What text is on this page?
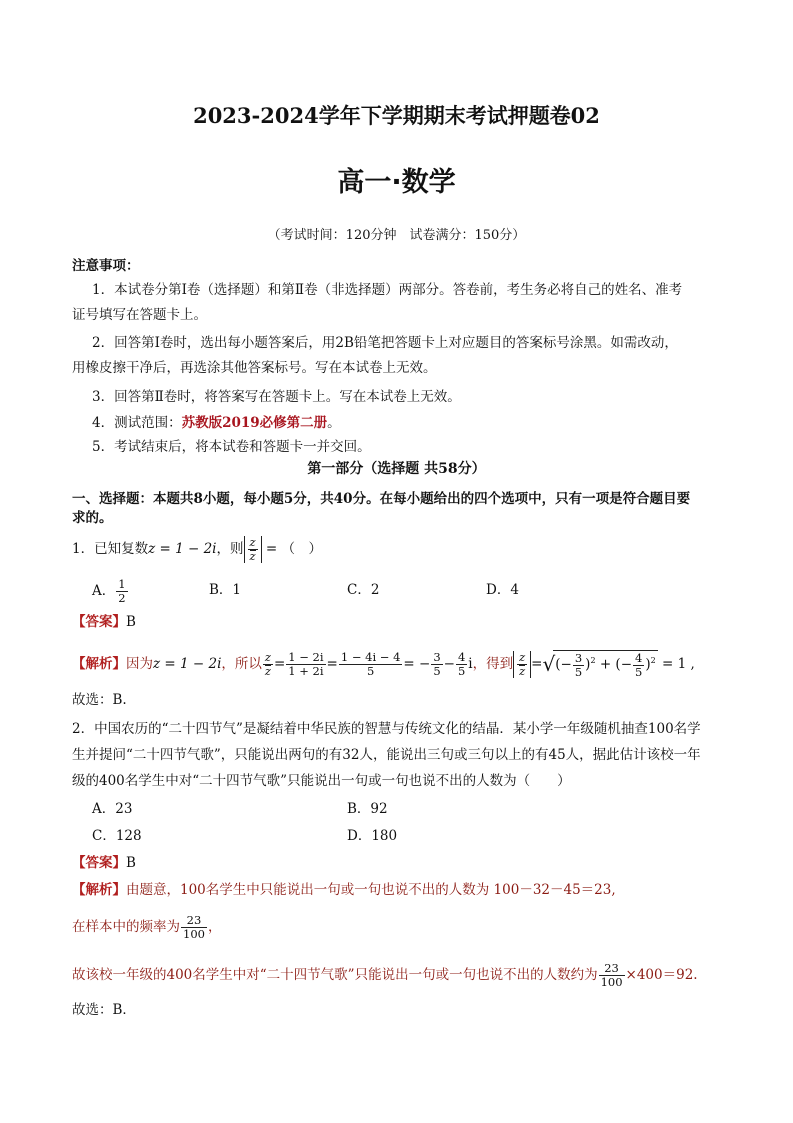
2023-2024学年下学期期末考试押题卷02
高一·数学
（考试时间：120分钟　试卷满分：150分）
注意事项：
1．本试卷分第Ⅰ卷（选择题）和第Ⅱ卷（非选择题）两部分。答卷前，考生务必将自己的姓名、准考
证号填写在答题卡上。
2．回答第Ⅰ卷时，选出每小题答案后，用2B铅笔把答题卡上对应题目的答案标号涂黑。如需改动，
用橡皮擦干净后，再选涂其他答案标号。写在本试卷上无效。
3．回答第Ⅱ卷时，将答案写在答题卡上。写在本试卷上无效。
4．测试范围：苏教版2019必修第二册。
5．考试结束后，将本试卷和答题卡一并交回。
第一部分（选择题 共58分）
一、选择题：本题共8小题，每小题5分，共40分。在每小题给出的四个选项中，只有一项是符合题目要
求的。
1．已知复数z = 1 − 2i，则 $\frac{z}{z}$ = （　）
A． $\frac{1}{2}$	B．1	C．2	D．4
【答案】B
【解析】因为z = 1 − 2i，所以 $\frac{z}{z} = \frac{1 - 2i}{1 + 2i} = \frac{1 - 4i - 4}{5}$ = − $\frac{3}{5} - \frac{4}{5}$ i，得到 $\frac{z}{z}$ =√(− $\frac{3}{5} )^2$ + (− $\frac{4}{5} )^2 = 1$ ,
故选：B.
2．中国农历的“二十四节气”是凝结着中华民族的智慧与传统文化的结晶．某小学一年级随机抽查100名学
生并提问“二十四节气歌”，只能说出两句的有32人，能说出三句或三句以上的有45人，据此估计该校一年
级的400名学生中对“二十四节气歌”只能说出一句或一句也说不出的人数为（　　）
A．23	B．92
C．128	D．180
【答案】B
【解析】由题意，100名学生中只能说出一句或一句也说不出的人数为 100－32－45＝23,
在样本中的频率为 $\frac{23}{100}$ ，
故该校一年级的400名学生中对“二十四节气歌”只能说出一句或一句也说不出的人数约为 $\frac{23}{100} \times 400=92$.
故选：B．
